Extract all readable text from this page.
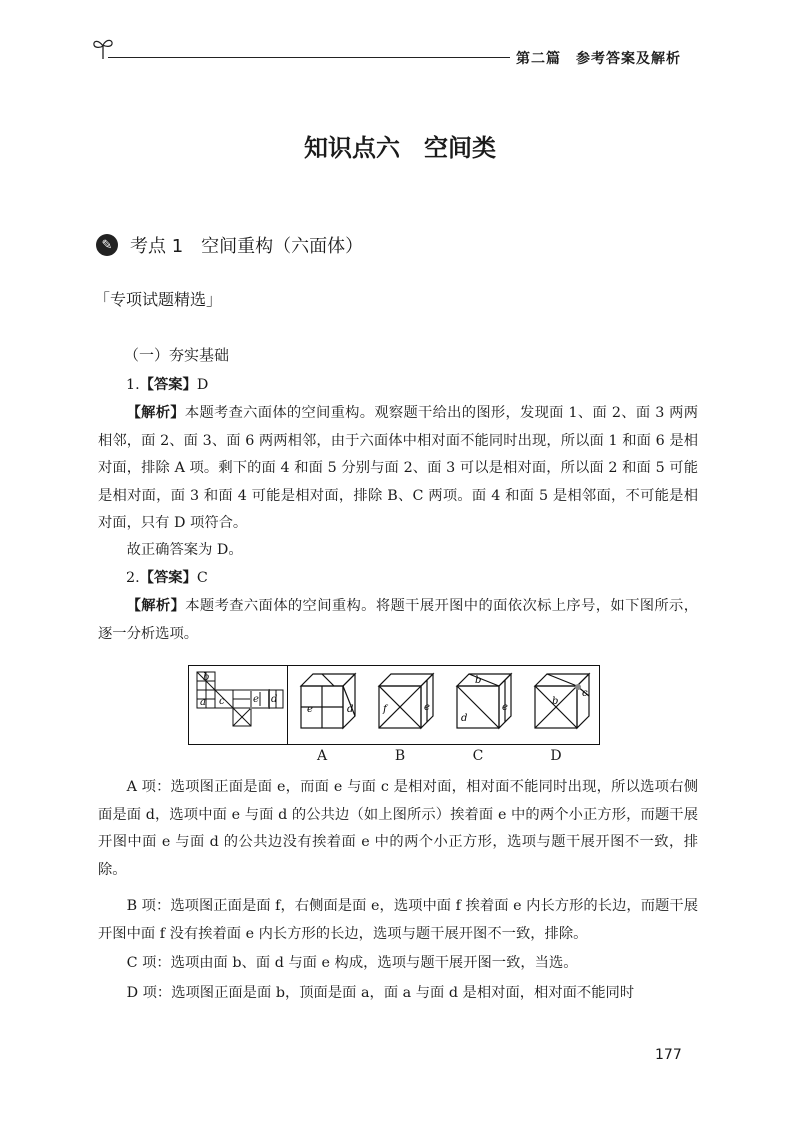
第二篇　参考答案及解析
知识点六　空间类
✎ 考点 1　空间重构（六面体）
「专项试题精选」
（一）夯实基础
1.【答案】D
【解析】本题考查六面体的空间重构。观察题干给出的图形，发现面 1、面 2、面 3 两两相邻，面 2、面 3、面 6 两两相邻，由于六面体中相对面不能同时出现，所以面 1 和面 6 是相对面，排除 A 项。剩下的面 4 和面 5 分别与面 2、面 3 可以是相对面，所以面 2 和面 5 可能是相对面，面 3 和面 4 可能是相对面，排除 B、C 两项。面 4 和面 5 是相邻面，不可能是相对面，只有 D 项符合。
故正确答案为 D。
2.【答案】C
【解析】本题考查六面体的空间重构。将题干展开图中的面依次标上序号，如下图所示，逐一分析选项。
b
a c	e d
e	d	f	e
b
d
e
b
c
A	B	C	D
A 项：选项图正面是面 e，而面 e 与面 c 是相对面，相对面不能同时出现，所以选项右侧面是面 d，选项中面 e 与面 d 的公共边（如上图所示）挨着面 e 中的两个小正方形，而题干展开图中面 e 与面 d 的公共边没有挨着面 e 中的两个小正方形，选项与题干展开图不一致，排除。
B 项：选项图正面是面 f，右侧面是面 e，选项中面 f 挨着面 e 内长方形的长边，而题干展开图中面 f 没有挨着面 e 内长方形的长边，选项与题干展开图不一致，排除。
C 项：选项由面 b、面 d 与面 e 构成，选项与题干展开图一致，当选。
D 项：选项图正面是面 b，顶面是面 a，面 a 与面 d 是相对面，相对面不能同时
177
